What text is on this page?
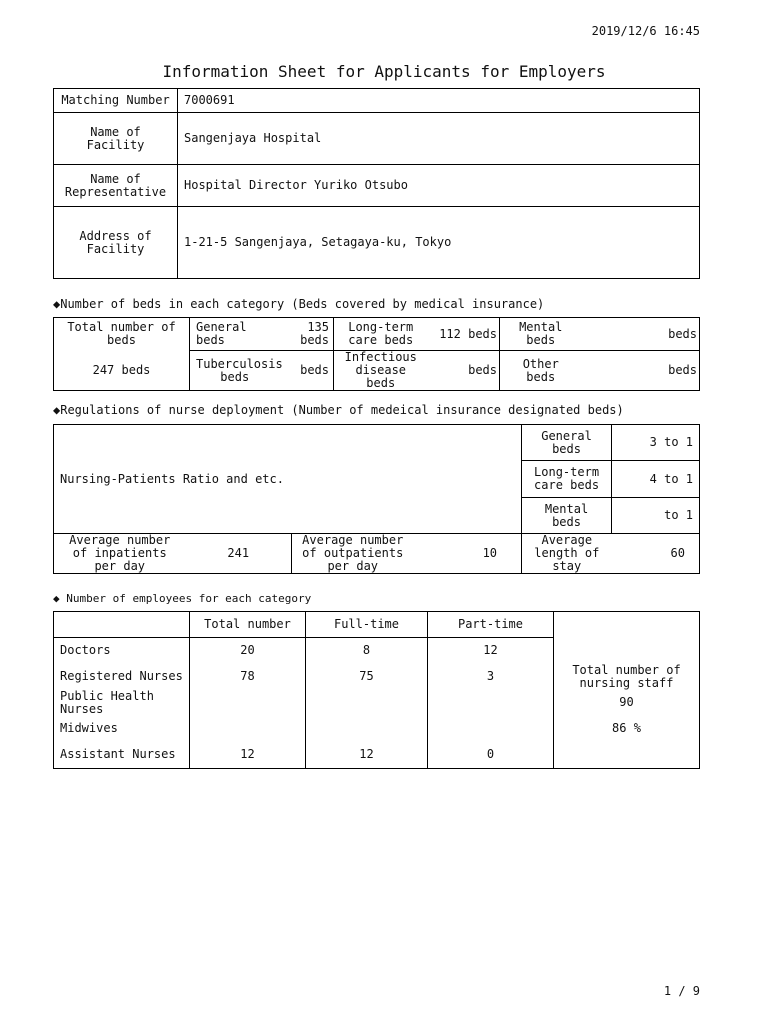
2019/12/6 16:45
Information Sheet for Applicants for Employers
Matching Number	7000691
Name of Facility	Sangenjaya Hospital
Name of Representative	Hospital Director Yuriko Otsubo
Address of Facility	1-21-5 Sangenjaya, Setagaya-ku, Tokyo
◆Number of beds in each category (Beds covered by medical insurance)
Total number of beds	General beds	135 beds	Long-term care beds	112 beds	Mental beds	beds
247 beds	Tuberculosis beds	beds	Infectious disease beds	beds	Other beds	beds
◆Regulations of nurse deployment (Number of medeical insurance designated beds)
Nursing-Patients Ratio and etc.				General beds	3 to 1
				Long-term care beds	4 to 1
				Mental beds	to 1
Average number of inpatients per day	241	Average number of outpatients per day	10	Average length of stay	60
◆ Number of employees for each category
	Total number	Full-time	Part-time	
Doctors	20	8	12	
Registered Nurses	78	75	3	Total number of nursing staff
Public Health Nurses				90
Midwives				86 %
Assistant Nurses	12	12	0	
1 / 9
